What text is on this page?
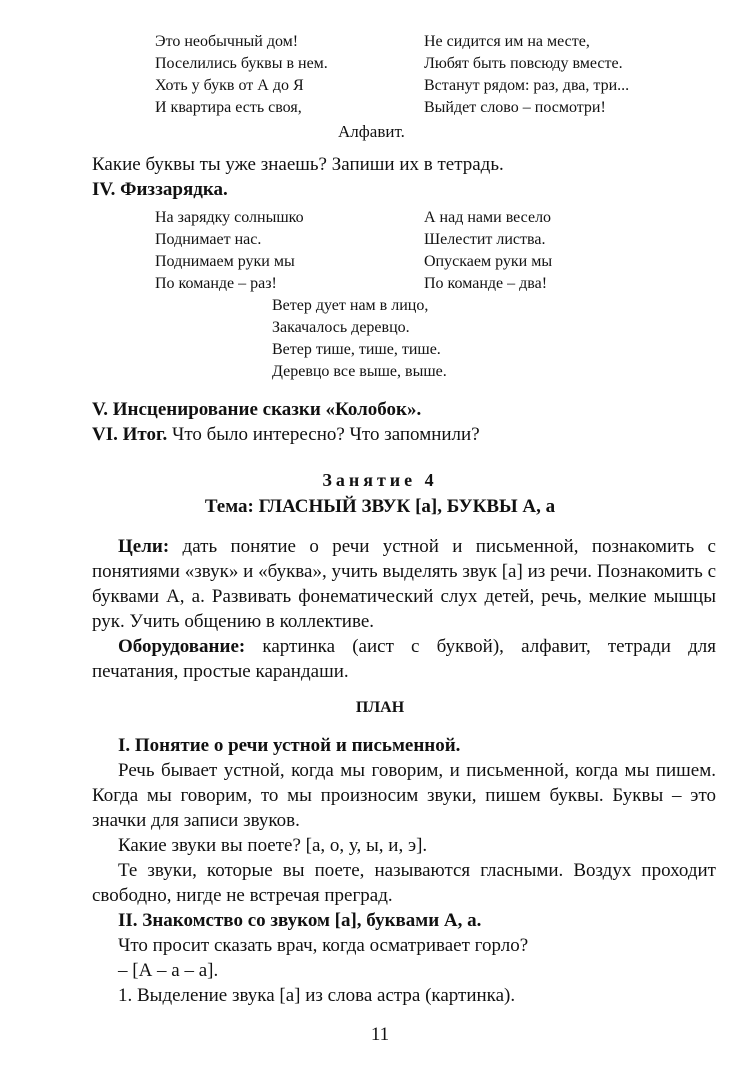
Это необычный дом!
Поселились буквы в нем.
Хоть у букв от А до Я
И квартира есть своя,
Не сидится им на месте,
Любят быть повсюду вместе.
Встанут рядом: раз, два, три...
Выйдет слово – посмотри!
Алфавит.
Какие буквы ты уже знаешь? Запиши их в тетрадь.
IV. Физзарядка.
На зарядку солнышко
Поднимает нас.
Поднимаем руки мы
По команде – раз!
А над нами весело
Шелестит листва.
Опускаем руки мы
По команде – два!
Ветер дует нам в лицо,
Закачалось деревцо.
Ветер тише, тише, тише.
Деревцо все выше, выше.
V. Инсценирование сказки «Колобок».
VI. Итог. Что было интересно? Что запомнили?
Занятие 4
Тема: ГЛАСНЫЙ ЗВУК [а], БУКВЫ А, а

Цели: дать понятие о речи устной и письменной, познакомить с понятиями «звук» и «буква», учить выделять звук [а] из речи. Познакомить с буквами А, а. Развивать фонематический слух детей, речь, мелкие мышцы рук. Учить общению в коллективе.

Оборудование: картинка (аист с буквой), алфавит, тетради для печатания, простые карандаши.

ПЛАН
I. Понятие о речи устной и письменной.

Речь бывает устной, когда мы говорим, и письменной, когда мы пишем. Когда мы говорим, то мы произносим звуки, пишем буквы. Буквы – это значки для записи звуков.

Какие звуки вы поете? [а, о, у, ы, и, э].

Те звуки, которые вы поете, называются гласными. Воздух проходит свободно, нигде не встречая преград.

II. Знакомство со звуком [а], буквами А, а.
Что просит сказать врач, когда осматривает горло?
– [А – а – а].
1. Выделение звука [а] из слова астра (картинка).
11
